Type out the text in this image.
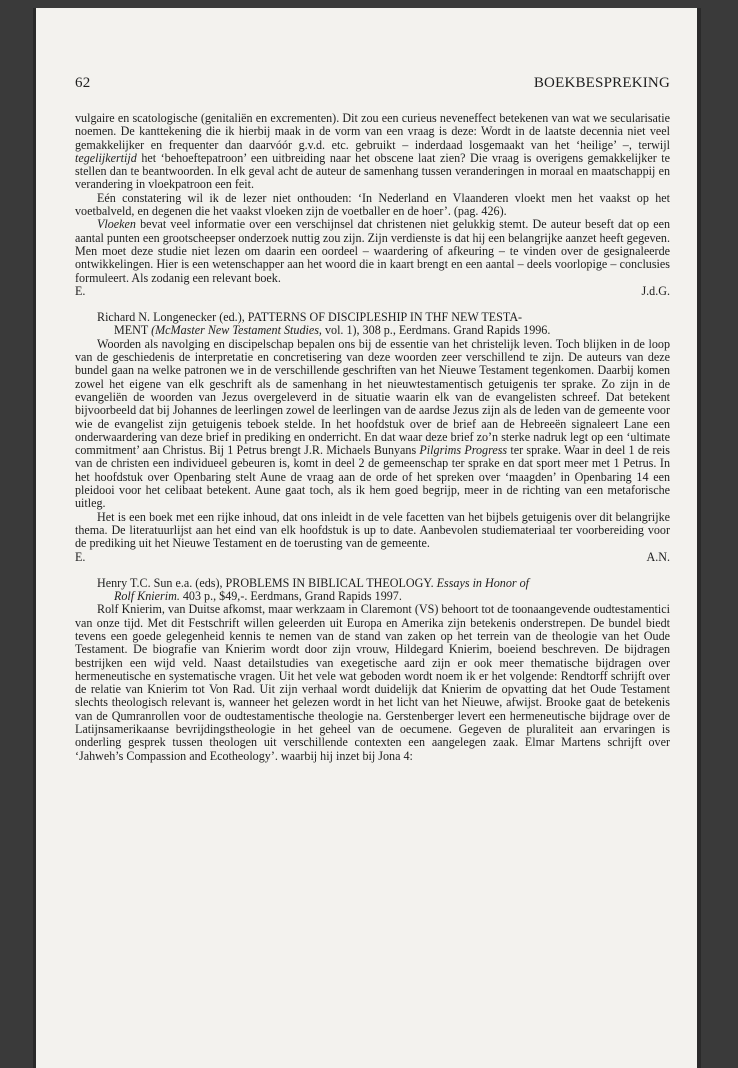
62	BOEKBESPREKING

vulgaire en scatologische (genitaliën en excrementen). Dit zou een curieus neveneffect betekenen van wat we secularisatie noemen. De kanttekening die ik hierbij maak in de vorm van een vraag is deze: Wordt in de laatste decennia niet veel gemakkelijker en frequenter dan daarvóór g.v.d. etc. gebruikt – inderdaad losgemaakt van het ‘heilige’ –, terwijl tegelijkertijd het ‘behoeftepatroon’ een uitbreiding naar het obscene laat zien? Die vraag is overigens gemakkelijker te stellen dan te beantwoorden. In elk geval acht de auteur de samenhang tussen veranderingen in moraal en maatschappij en verandering in vloekpatroon een feit.

Eén constatering wil ik de lezer niet onthouden: ‘In Nederland en Vlaanderen vloekt men het vaakst op het voetbalveld, en degenen die het vaakst vloeken zijn de voetballer en de hoer’. (pag. 426).

Vloeken bevat veel informatie over een verschijnsel dat christenen niet gelukkig stemt. De auteur beseft dat op een aantal punten een grootscheepser onderzoek nuttig zou zijn. Zijn verdienste is dat hij een belangrijke aanzet heeft gegeven. Men moet deze studie niet lezen om daarin een oordeel – waardering of afkeuring – te vinden over de gesignaleerde ontwikkelingen. Hier is een wetenschapper aan het woord die in kaart brengt en een aantal – deels voorlopige – conclusies formuleert. Als zodanig een relevant boek.

E.	J.d.G.

Richard N. Longenecker (ed.), PATTERNS OF DISCIPLESHIP IN THF NEW TESTA-
MENT (McMaster New Testament Studies, vol. 1), 308 p., Eerdmans. Grand Rapids 1996.

Woorden als navolging en discipelschap bepalen ons bij de essentie van het christelijk leven. Toch blijken in de loop van de geschiedenis de interpretatie en concretisering van deze woorden zeer verschillend te zijn. De auteurs van deze bundel gaan na welke patronen we in de verschillende geschriften van het Nieuwe Testament tegenkomen. Daarbij komen zowel het eigene van elk geschrift als de samenhang in het nieuwtestamentisch getuigenis ter sprake. Zo zijn in de evangeliën de woorden van Jezus overgeleverd in de situatie waarin elk van de evangelisten schreef. Dat betekent bijvoorbeeld dat bij Johannes de leerlingen zowel de leerlingen van de aardse Jezus zijn als de leden van de gemeente voor wie de evangelist zijn getuigenis teboek stelde. In het hoofdstuk over de brief aan de Hebreeën signaleert Lane een onderwaardering van deze brief in prediking en onderricht. En dat waar deze brief zo’n sterke nadruk legt op een ‘ultimate commitment’ aan Christus. Bij 1 Petrus brengt J.R. Michaels Bunyans Pilgrims Progress ter sprake. Waar in deel 1 de reis van de christen een individueel gebeuren is, komt in deel 2 de gemeenschap ter sprake en dat sport meer met 1 Petrus. In het hoofdstuk over Openbaring stelt Aune de vraag aan de orde of het spreken over ‘maagden’ in Openbaring 14 een pleidooi voor het celibaat betekent. Aune gaat toch, als ik hem goed begrijp, meer in de richting van een metaforische uitleg.

Het is een boek met een rijke inhoud, dat ons inleidt in de vele facetten van het bijbels getuigenis over dit belangrijke thema. De literatuurlijst aan het eind van elk hoofdstuk is up to date. Aanbevolen studiemateriaal ter voorbereiding voor de prediking uit het Nieuwe Testament en de toerusting van de gemeente.

E.	A.N.

Henry T.C. Sun e.a. (eds), PROBLEMS IN BIBLICAL THEOLOGY. Essays in Honor of
Rolf Knierim. 403 p., $49,-. Eerdmans, Grand Rapids 1997.

Rolf Knierim, van Duitse afkomst, maar werkzaam in Claremont (VS) behoort tot de toonaangevende oudtestamentici van onze tijd. Met dit Festschrift willen geleerden uit Europa en Amerika zijn betekenis onderstrepen. De bundel biedt tevens een goede gelegenheid kennis te nemen van de stand van zaken op het terrein van de theologie van het Oude Testament. De biografie van Knierim wordt door zijn vrouw, Hildegard Knierim, boeiend beschreven. De bijdragen bestrijken een wijd veld. Naast detailstudies van exegetische aard zijn er ook meer thematische bijdragen over hermeneutische en systematische vragen. Uit het vele wat geboden wordt noem ik er het volgende: Rendtorff schrijft over de relatie van Knierim tot Von Rad. Uit zijn verhaal wordt duidelijk dat Knierim de opvatting dat het Oude Testament slechts theologisch relevant is, wanneer het gelezen wordt in het licht van het Nieuwe, afwijst. Brooke gaat de betekenis van de Qumranrollen voor de oudtestamentische theologie na. Gerstenberger levert een hermeneutische bijdrage over de Latijnsamerikaanse bevrijdingstheologie in het geheel van de oecumene. Gegeven de pluraliteit aan ervaringen is onderling gesprek tussen theologen uit verschillende contexten een aangelegen zaak. Elmar Martens schrijft over ‘Jahweh’s Compassion and Ecotheology’. waarbij hij inzet bij Jona 4:
